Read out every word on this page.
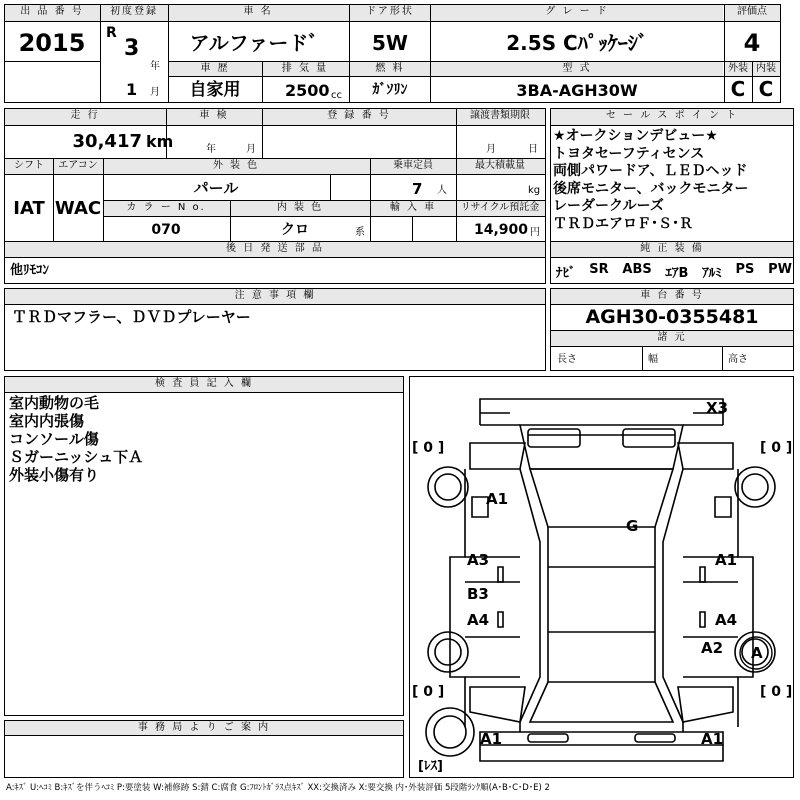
出 品 番 号
2015
初度登録
R
3
年
1 月
車 名
アルファードﾞ
ドア形状
5W
グ レ ー ド
2.5S Cﾊﾟｯｹｰｼﾞ
評価点
4
車 歴
自家用
排 気 量
2500 cc
燃 料
ｶﾞｿﾘﾝ
型 式
3BA-AGH30W
外装 内装
C C
走 行
30,417 km
車 検
年	月
登 録 番 号	譲渡書類期限
月	日
シフト
IAT
エアコン
WAC
外 装 色
パール
乗車定員
7 人
最大積載量
kg
カ ラ ー N o.
070
内 装 色
クロ	系
輸 入 車 リサイクル預託金
14,900 円
後 日 発 送 部 品
他ﾘﾓｺﾝ
セ ー ル ス ポ イ ン ト
★オークションデビュー★
トヨタセーフティセンス
両側パワードア、ＬＥＤヘッド
後席モニター、バックモニター
レーダークルーズ
ＴＲＤエアロＦ･Ｓ･Ｒ
純 正 装 備
ﾅﾋﾞ SR ABS ｴｱB ｱﾙﾐ PS PW
注 意 事 項 欄
ＴＲＤマフラー、ＤＶＤプレーヤー
車 台 番 号
AGH30-0355481
諸 元
長さ	幅	高さ
検 査 員 記 入 欄
室内動物の毛
室内内張傷
コンソール傷
Ｓガーニッシュ下Ａ
外装小傷有り
事 務 局 よ り ご 案 内
X3
A1
G
A3	A1
B3
A4	A4
A2 A
A1	A1
[ 0 ]	[ 0 ]
[ 0 ]	[ 0 ]
[ﾚｽ]
A:ｷｽﾞ U:ﾍｺﾐ B:ｷｽﾞを伴うﾍｺﾐ P:要塗装 W:補修跡 S:錆 C:腐食 G:ﾌﾛﾝﾄｶﾞﾗｽ点ｷｽﾞ XX:交換済み X:要交換 内･外装評価 5段階ﾗﾝｸ順(A･B･C･D･E) 2
